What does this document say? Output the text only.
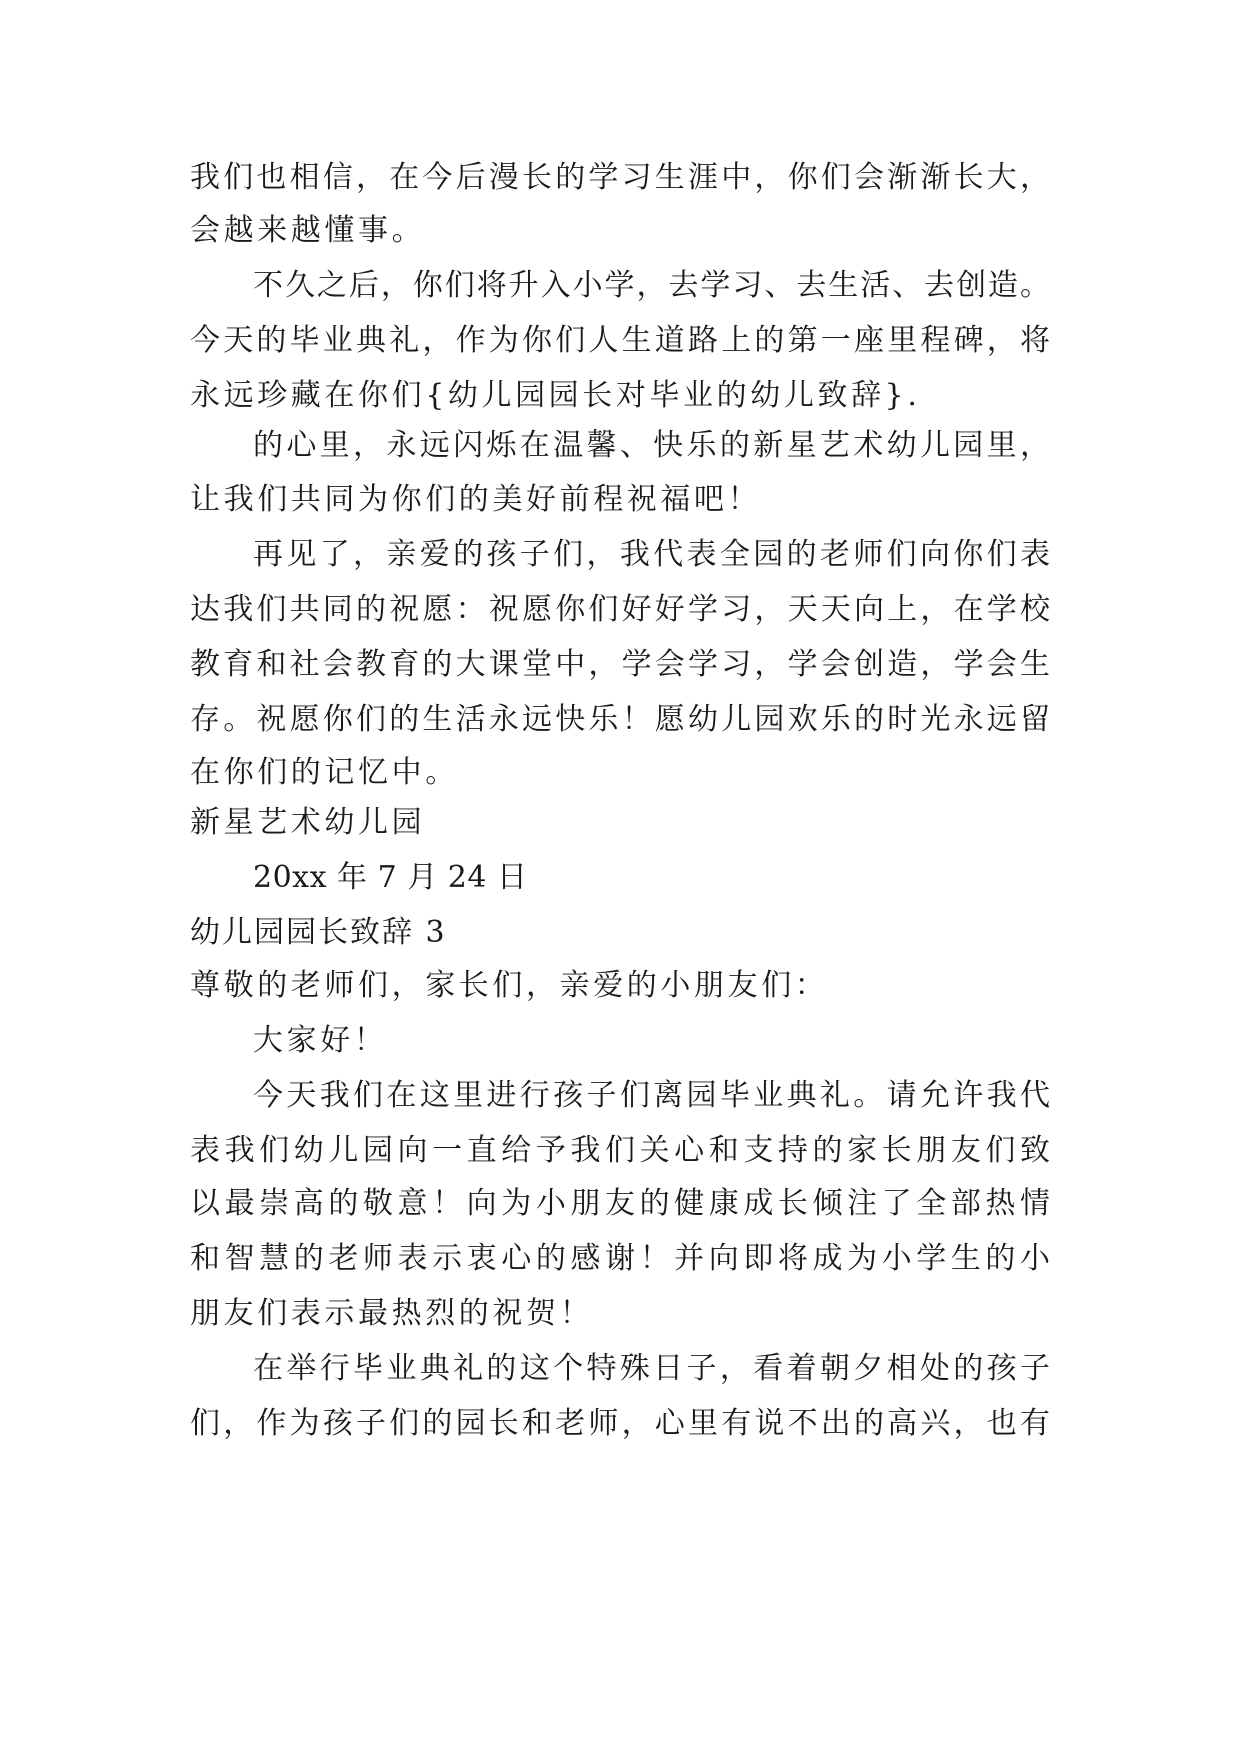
我们也相信，在今后漫长的学习生涯中，你们会渐渐长大，
会越来越懂事。
不久之后，你们将升入小学，去学习、去生活、去创造。
今天的毕业典礼，作为你们人生道路上的第一座里程碑，将
永远珍藏在你们{幼儿园园长对毕业的幼儿致辞}.
的心里，永远闪烁在温馨、快乐的新星艺术幼儿园里，
让我们共同为你们的美好前程祝福吧！
再见了，亲爱的孩子们，我代表全园的老师们向你们表
达我们共同的祝愿：祝愿你们好好学习，天天向上，在学校
教育和社会教育的大课堂中，学会学习，学会创造，学会生
存。祝愿你们的生活永远快乐！愿幼儿园欢乐的时光永远留
在你们的记忆中。
新星艺术幼儿园
20xx 年 7 月 24 日
幼儿园园长致辞 3
尊敬的老师们，家长们，亲爱的小朋友们：
大家好！
今天我们在这里进行孩子们离园毕业典礼。请允许我代
表我们幼儿园向一直给予我们关心和支持的家长朋友们致
以最崇高的敬意！向为小朋友的健康成长倾注了全部热情
和智慧的老师表示衷心的感谢！并向即将成为小学生的小
朋友们表示最热烈的祝贺！
在举行毕业典礼的这个特殊日子，看着朝夕相处的孩子
们，作为孩子们的园长和老师，心里有说不出的高兴，也有
